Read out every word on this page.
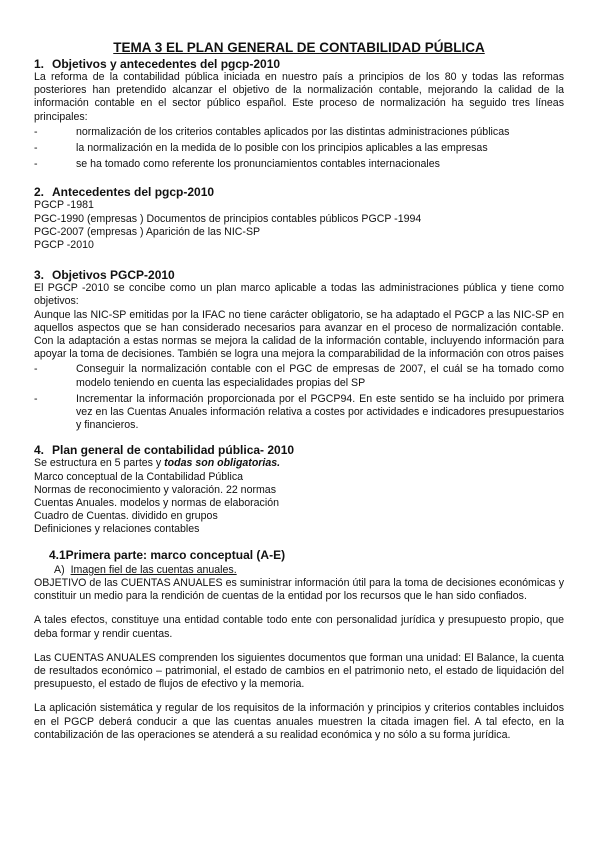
TEMA 3 EL PLAN GENERAL DE CONTABILIDAD PÚBLICA
1. Objetivos y antecedentes del pgcp-2010

La reforma de la contabilidad pública iniciada en nuestro país a principios de los 80 y todas las reformas posteriores han pretendido alcanzar el objetivo de la normalización contable, mejorando la calidad de la información contable en el sector público español. Este proceso de normalización ha seguido tres líneas principales:

- normalización de los criterios contables aplicados por las distintas administraciones públicas
- la normalización en la medida de lo posible con los principios aplicables a las empresas
- se ha tomado como referente los pronunciamientos contables internacionales
2. Antecedentes del pgcp-2010
PGCP -1981
PGC-1990 (empresas ) Documentos de principios contables públicos PGCP -1994
PGC-2007 (empresas ) Aparición de las NIC-SP
PGCP -2010
3. Objetivos PGCP-2010

El PGCP -2010 se concibe como un plan marco aplicable a todas las administraciones pública y tiene como objetivos:

Aunque las NIC-SP emitidas por la IFAC no tiene carácter obligatorio, se ha adaptado el PGCP a las NIC-SP en aquellos aspectos que se han considerado necesarios para avanzar en el proceso de normalización contable. Con la adaptación a estas normas se mejora la calidad de la información contable, incluyendo información para apoyar la toma de decisiones. También se logra una mejora la comparabilidad de la información con otros paises

- Conseguir la normalización contable con el PGC de empresas de 2007, el cuál se ha tomado como modelo teniendo en cuenta las especialidades propias del SP
- Incrementar la información proporcionada por el PGCP94. En este sentido se ha incluido por primera vez en las Cuentas Anuales información relativa a costes por actividades e indicadores presupuestarios y financieros.
4. Plan general de contabilidad pública- 2010

Se estructura en 5 partes y todas son obligatorias.

Marco conceptual de la Contabilidad Pública
Normas de reconocimiento y valoración. 22 normas
Cuentas Anuales. modelos y normas de elaboración
Cuadro de Cuentas. dividido en grupos
Definiciones y relaciones contables
4.1Primera parte: marco conceptual (A-E)
A) Imagen fiel de las cuentas anuales.

OBJETIVO de las CUENTAS ANUALES es suministrar información útil para la toma de decisiones económicas y constituir un medio para la rendición de cuentas de la entidad por los recursos que le han sido confiados.

A tales efectos, constituye una entidad contable todo ente con personalidad jurídica y presupuesto propio, que deba formar y rendir cuentas.

Las CUENTAS ANUALES comprenden los siguientes documentos que forman una unidad: El Balance, la cuenta de resultados económico – patrimonial, el estado de cambios en el patrimonio neto, el estado de liquidación del presupuesto, el estado de flujos de efectivo y la memoria.

La aplicación sistemática y regular de los requisitos de la información y principios y criterios contables incluidos en el PGCP deberá conducir a que las cuentas anuales muestren la citada imagen fiel. A tal efecto, en la contabilización de las operaciones se atenderá a su realidad económica y no sólo a su forma jurídica.
